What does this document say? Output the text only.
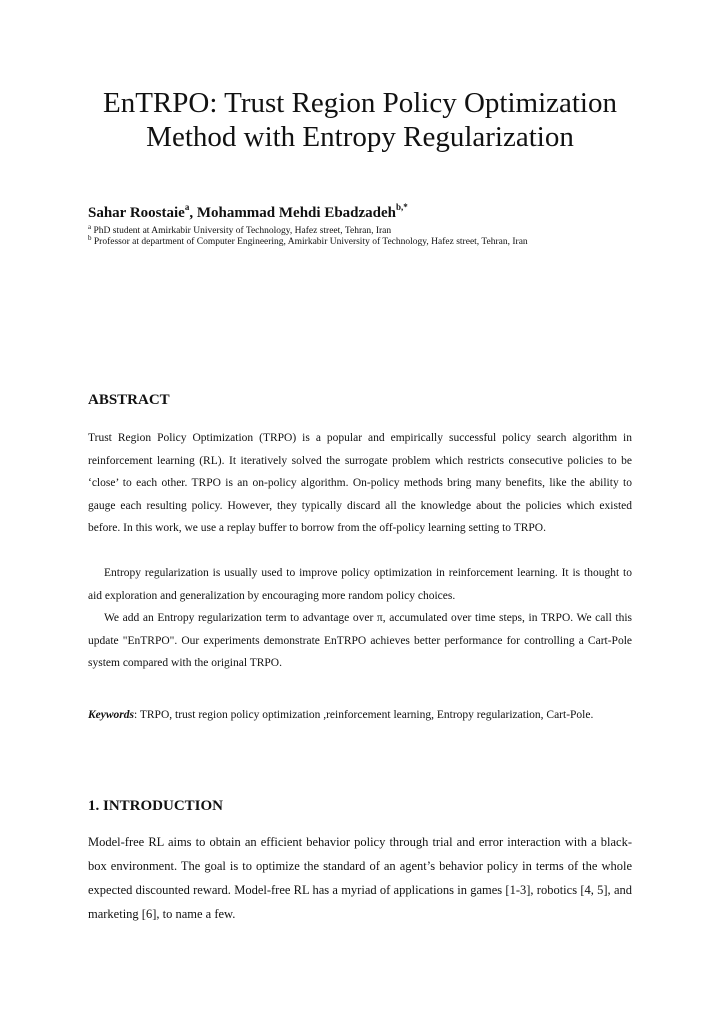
EnTRPO: Trust Region Policy Optimization
Method with Entropy Regularization

Sahar Roostaie$^a$, Mohammad Mehdi Ebadzadeh$^{b,*}$

$^a$ PhD student at Amirkabir University of Technology, Hafez street, Tehran, Iran

$^b$ Professor at department of Computer Engineering, Amirkabir University of Technology, Hafez street, Tehran, Iran

ABSTRACT

Trust Region Policy Optimization (TRPO) is a popular and empirically successful policy search algorithm in reinforcement learning (RL). It iteratively solved the surrogate problem which restricts consecutive policies to be ‘close’ to each other. TRPO is an on-policy algorithm. On-policy methods bring many benefits, like the ability to gauge each resulting policy. However, they typically discard all the knowledge about the policies which existed before. In this work, we use a replay buffer to borrow from the off-policy learning setting to TRPO.

Entropy regularization is usually used to improve policy optimization in reinforcement learning. It is thought to aid exploration and generalization by encouraging more random policy choices.

We add an Entropy regularization term to advantage over π, accumulated over time steps, in TRPO. We call this update "EnTRPO". Our experiments demonstrate EnTRPO achieves better performance for controlling a Cart-Pole system compared with the original TRPO.

Keywords: TRPO, trust region policy optimization ,reinforcement learning, Entropy regularization, Cart-Pole.

1. INTRODUCTION

Model-free RL aims to obtain an efficient behavior policy through trial and error interaction with a black-box environment. The goal is to optimize the standard of an agent’s behavior policy in terms of the whole expected discounted reward. Model-free RL has a myriad of applications in games [1-3], robotics [4, 5], and marketing [6], to name a few.
